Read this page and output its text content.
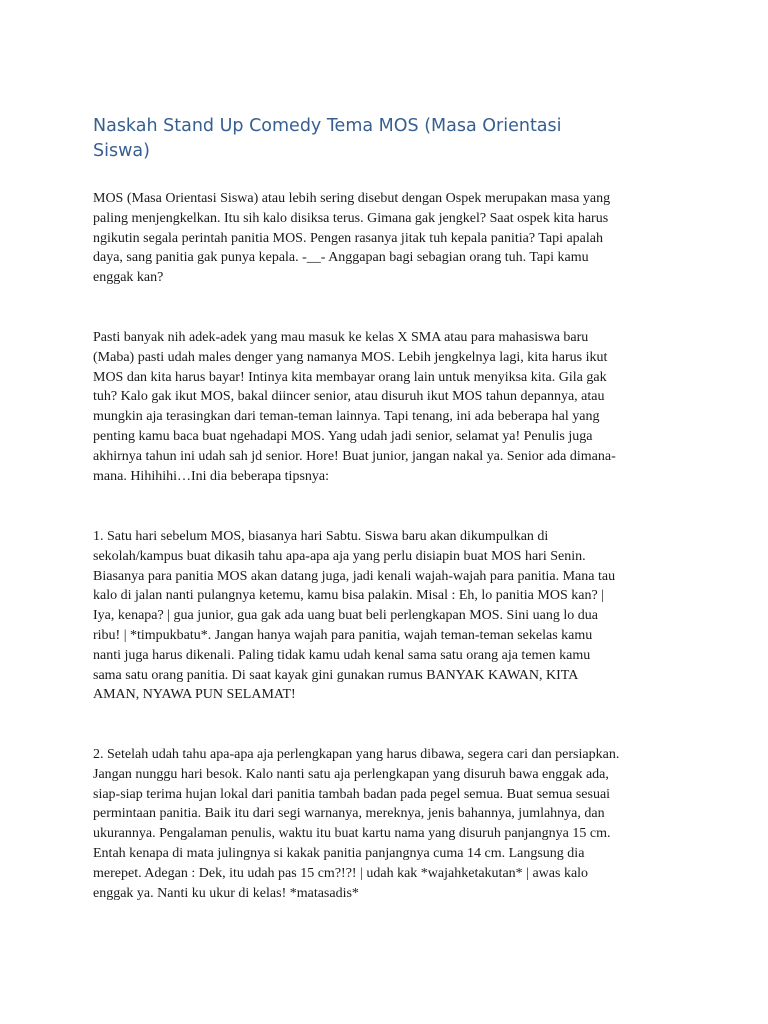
Naskah Stand Up Comedy Tema MOS (Masa Orientasi
Siswa)

MOS (Masa Orientasi Siswa) atau lebih sering disebut dengan Ospek merupakan masa yang
paling menjengkelkan. Itu sih kalo disiksa terus. Gimana gak jengkel? Saat ospek kita harus
ngikutin segala perintah panitia MOS. Pengen rasanya jitak tuh kepala panitia? Tapi apalah
daya, sang panitia gak punya kepala. -__- Anggapan bagi sebagian orang tuh. Tapi kamu
enggak kan?

Pasti banyak nih adek-adek yang mau masuk ke kelas X SMA atau para mahasiswa baru
(Maba) pasti udah males denger yang namanya MOS. Lebih jengkelnya lagi, kita harus ikut
MOS dan kita harus bayar! Intinya kita membayar orang lain untuk menyiksa kita. Gila gak
tuh? Kalo gak ikut MOS, bakal diincer senior, atau disuruh ikut MOS tahun depannya, atau
mungkin aja terasingkan dari teman-teman lainnya. Tapi tenang, ini ada beberapa hal yang
penting kamu baca buat ngehadapi MOS. Yang udah jadi senior, selamat ya! Penulis juga
akhirnya tahun ini udah sah jd senior. Hore! Buat junior, jangan nakal ya. Senior ada dimana-
mana. Hihihihi…Ini dia beberapa tipsnya:

1. Satu hari sebelum MOS, biasanya hari Sabtu. Siswa baru akan dikumpulkan di
sekolah/kampus buat dikasih tahu apa-apa aja yang perlu disiapin buat MOS hari Senin.
Biasanya para panitia MOS akan datang juga, jadi kenali wajah-wajah para panitia. Mana tau
kalo di jalan nanti pulangnya ketemu, kamu bisa palakin. Misal : Eh, lo panitia MOS kan? |
Iya, kenapa? | gua junior, gua gak ada uang buat beli perlengkapan MOS. Sini uang lo dua
ribu! | *timpukbatu*. Jangan hanya wajah para panitia, wajah teman-teman sekelas kamu
nanti juga harus dikenali. Paling tidak kamu udah kenal sama satu orang aja temen kamu
sama satu orang panitia. Di saat kayak gini gunakan rumus BANYAK KAWAN, KITA
AMAN, NYAWA PUN SELAMAT!

2. Setelah udah tahu apa-apa aja perlengkapan yang harus dibawa, segera cari dan persiapkan.
Jangan nunggu hari besok. Kalo nanti satu aja perlengkapan yang disuruh bawa enggak ada,
siap-siap terima hujan lokal dari panitia tambah badan pada pegel semua. Buat semua sesuai
permintaan panitia. Baik itu dari segi warnanya, mereknya, jenis bahannya, jumlahnya, dan
ukurannya. Pengalaman penulis, waktu itu buat kartu nama yang disuruh panjangnya 15 cm.
Entah kenapa di mata julingnya si kakak panitia panjangnya cuma 14 cm. Langsung dia
merepet. Adegan : Dek, itu udah pas 15 cm?!?! | udah kak *wajahketakutan* | awas kalo
enggak ya. Nanti ku ukur di kelas! *matasadis*
